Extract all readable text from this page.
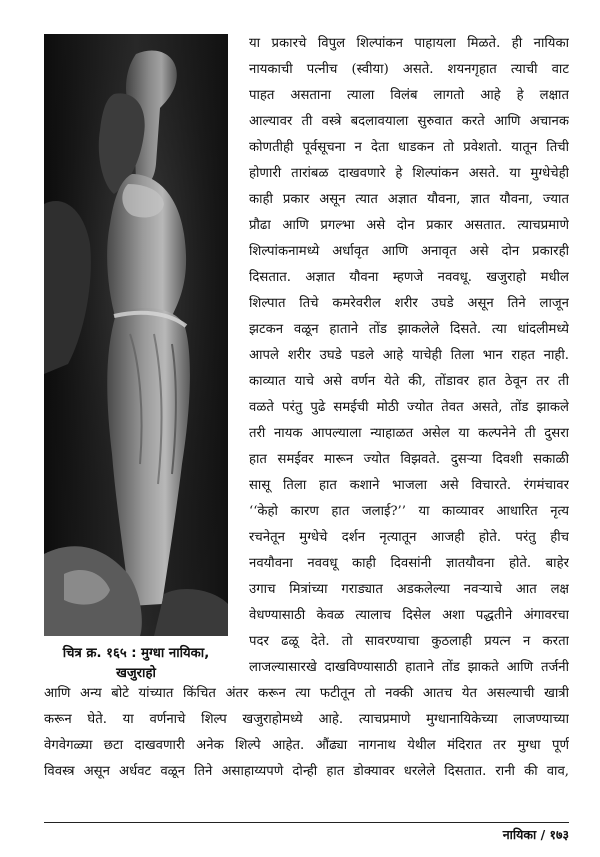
चित्र क्र. १६५ : मुग्धा नायिका,
खजुराहो
या प्रकारचे विपुल शिल्पांकन पाहायला मिळते. ही नायिका
नायकाची पत्नीच (स्वीया) असते. शयनगृहात त्याची वाट
पाहत असताना त्याला विलंब लागतो आहे हे लक्षात
आल्यावर ती वस्त्रे बदलावयाला सुरुवात करते आणि अचानक
कोणतीही पूर्वसूचना न देता धाडकन तो प्रवेशतो. यातून तिची
होणारी तारांबळ दाखवणारे हे शिल्पांकन असते. या मुग्धेचेही
काही प्रकार असून त्यात अज्ञात यौवना, ज्ञात यौवना, ज्यात
प्रौढा आणि प्रगल्भा असे दोन प्रकार असतात. त्याचप्रमाणे
शिल्पांकनामध्ये अर्धावृत आणि अनावृत असे दोन प्रकारही
दिसतात. अज्ञात यौवना म्हणजे नववधू. खजुराहो मधील
शिल्पात तिचे कमरेवरील शरीर उघडे असून तिने लाजून
झटकन वळून हाताने तोंड झाकलेले दिसते. त्या धांदलीमध्ये
आपले शरीर उघडे पडले आहे याचेही तिला भान राहत नाही.
काव्यात याचे असे वर्णन येते की, तोंडावर हात ठेवून तर ती
वळते परंतु पुढे समईची मोठी ज्योत तेवत असते, तोंड झाकले
तरी नायक आपल्याला न्याहाळत असेल या कल्पनेने ती दुसरा
हात समईवर मारून ज्योत विझवते. दुसऱ्या दिवशी सकाळी
सासू तिला हात कशाने भाजला असे विचारते. रंगमंचावर
‘‘केहो कारण हात जलाई?’’ या काव्यावर आधारित नृत्य
रचनेतून मुग्धेचे दर्शन नृत्यातून आजही होते. परंतु हीच
नवयौवना नववधू काही दिवसांनी ज्ञातयौवना होते. बाहेर
उगाच मित्रांच्या गराड्यात अडकलेल्या नवऱ्याचे आत लक्ष
वेधण्यासाठी केवळ त्यालाच दिसेल अशा पद्धतीने अंगावरचा
पदर ढळू देते. तो सावरण्याचा कुठलाही प्रयत्न न करता
लाजल्यासारखे दाखविण्यासाठी हाताने तोंड झाकते आणि तर्जनी
आणि अन्य बोटे यांच्यात किंचित अंतर करून त्या फटीतून तो नक्की आतच येत असल्याची खात्री
करून घेते. या वर्णनाचे शिल्प खजुराहोमध्ये आहे. त्याचप्रमाणे मुग्धानायिकेच्या लाजण्याच्या
वेगवेगळ्या छटा दाखवणारी अनेक शिल्पे आहेत. औंढ्या नागनाथ येथील मंदिरात तर मुग्धा पूर्ण
विवस्त्र असून अर्धवट वळून तिने असाहाय्यपणे दोन्ही हात डोक्यावर धरलेले दिसतात. रानी की वाव,
नायिका / १७३
